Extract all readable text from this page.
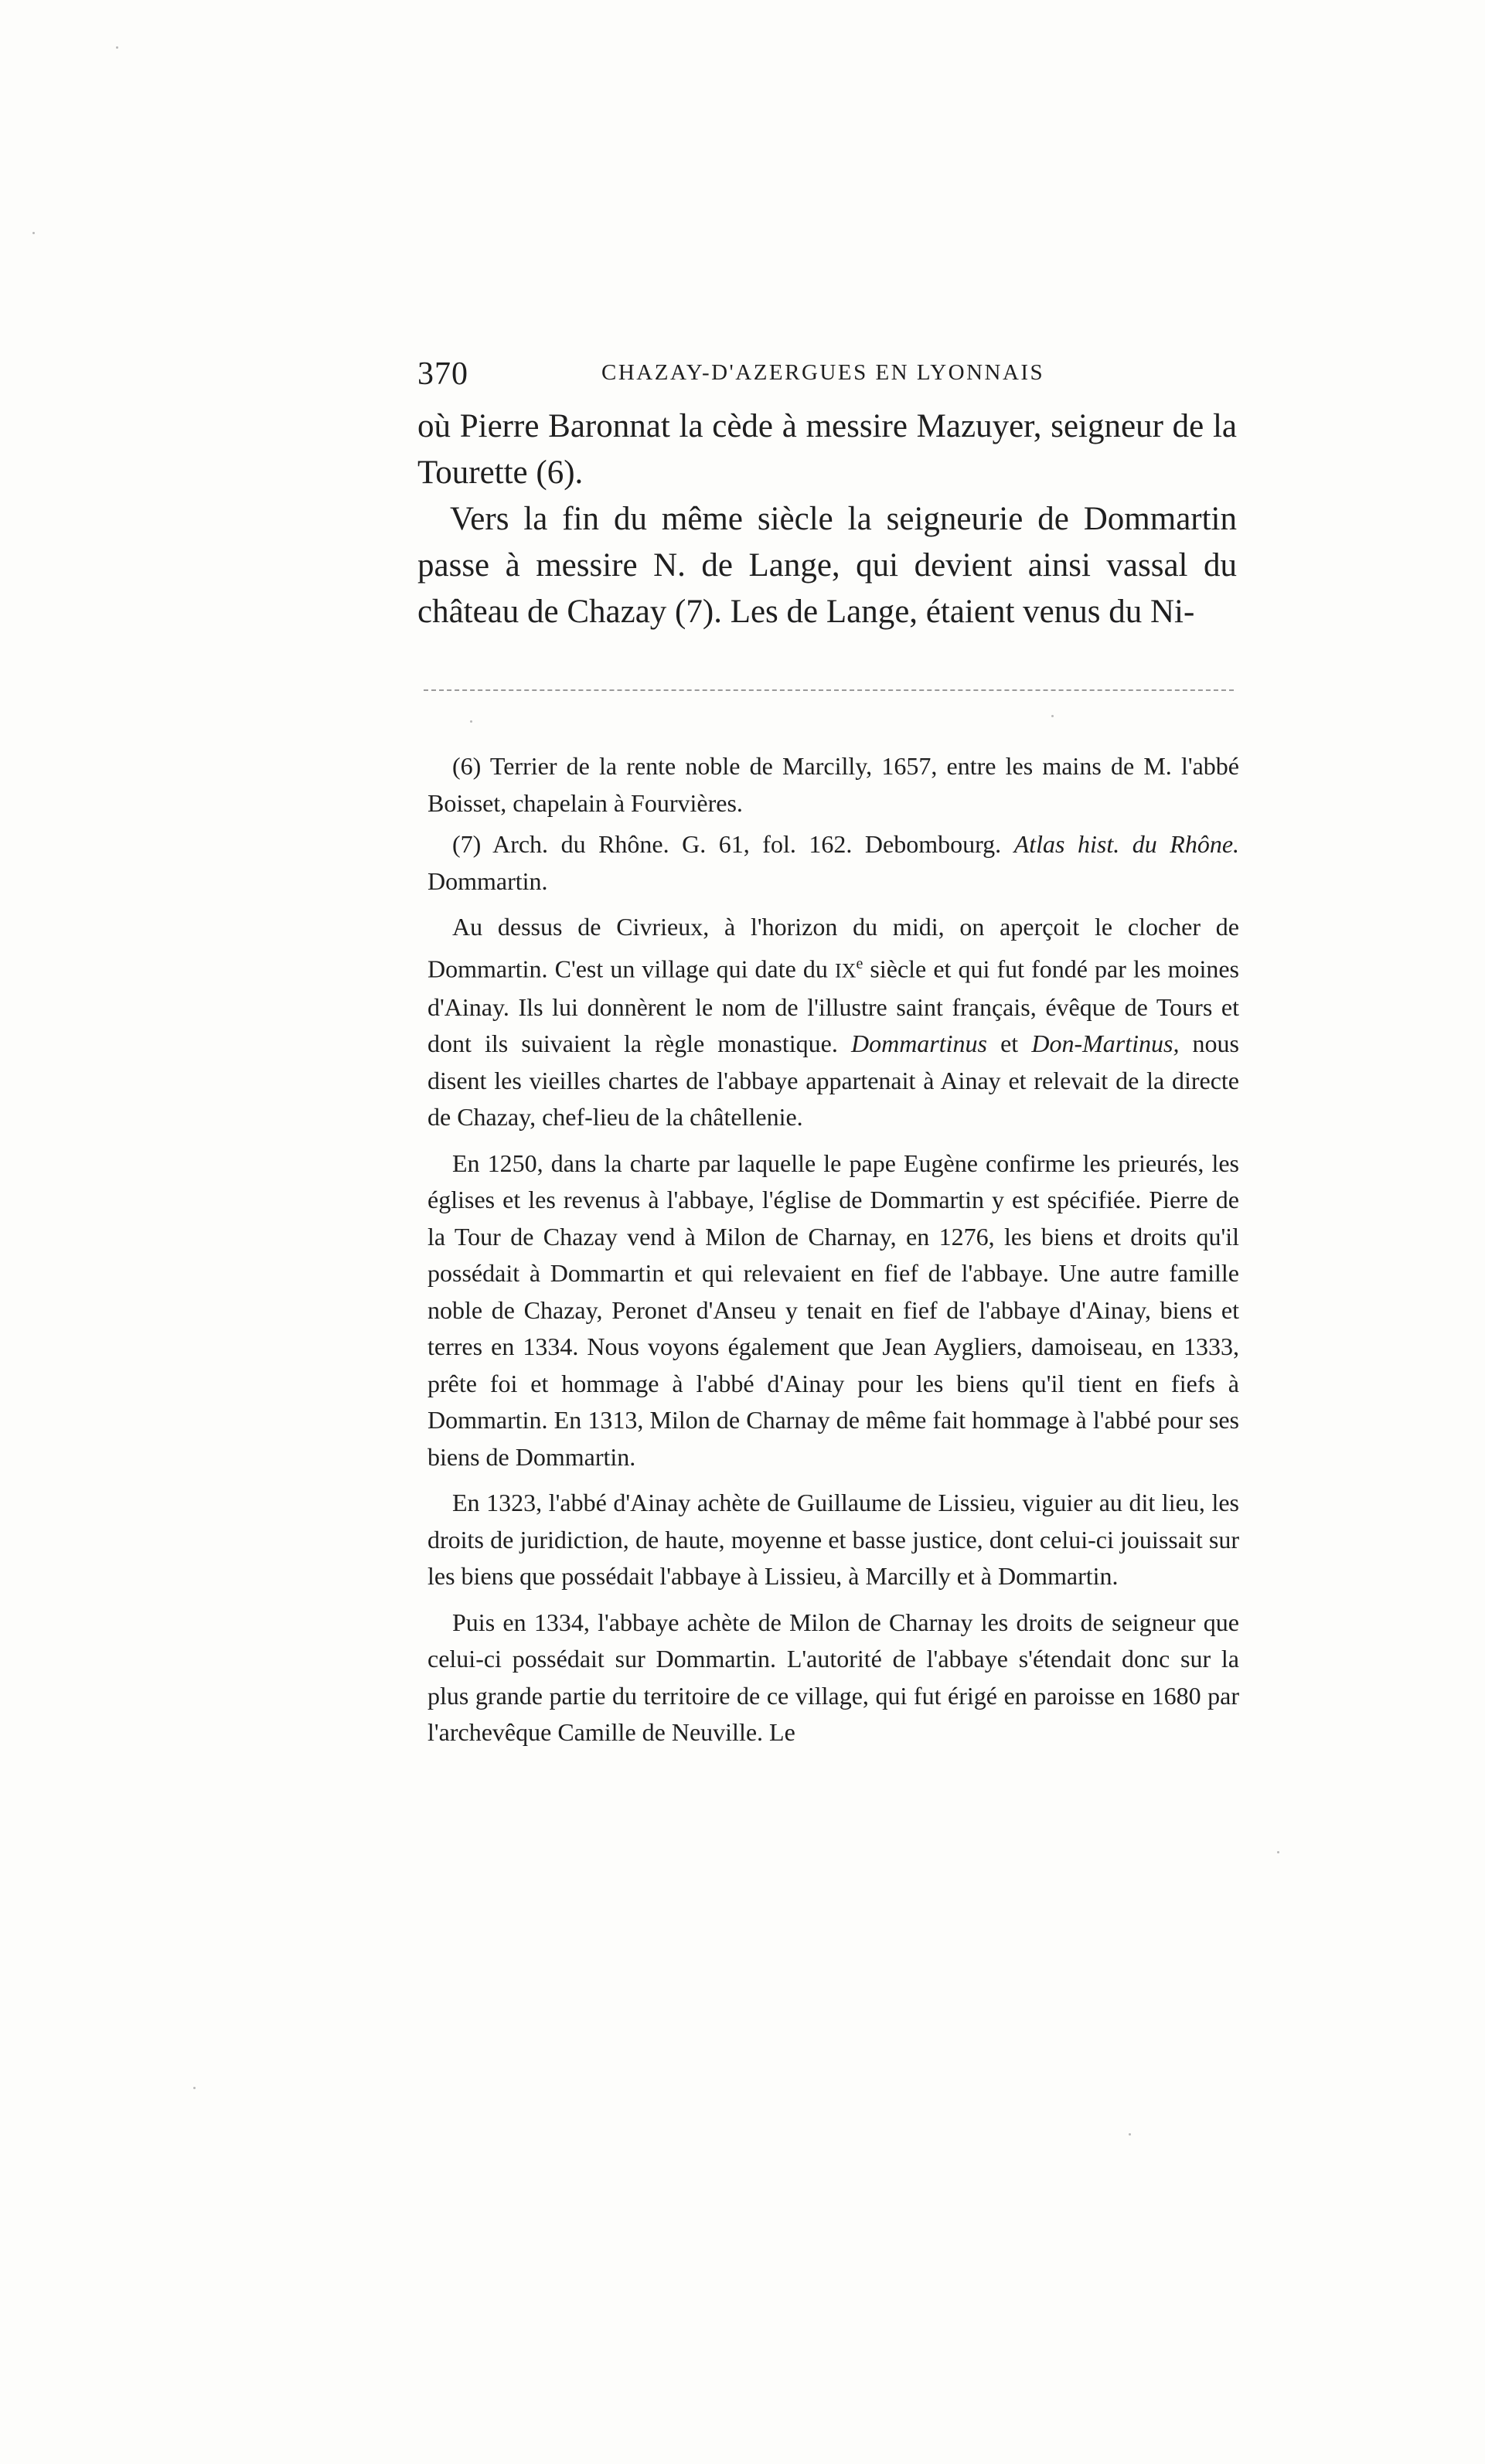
370	CHAZAY-D'AZERGUES EN LYONNAIS

où Pierre Baronnat la cède à messire Mazuyer, seigneur de la Tourette (6).

Vers la fin du même siècle la seigneurie de Dommartin passe à messire N. de Lange, qui devient ainsi vassal du château de Chazay (7). Les de Lange, étaient venus du Ni-

(6) Terrier de la rente noble de Marcilly, 1657, entre les mains de M. l'abbé Boisset, chapelain à Fourvières.

(7) Arch. du Rhône. G. 61, fol. 162. Debombourg. Atlas hist. du Rhône. Dommartin.

Au dessus de Civrieux, à l'horizon du midi, on aperçoit le clocher de Dommartin. C'est un village qui date du IXe siècle et qui fut fondé par les moines d'Ainay. Ils lui donnèrent le nom de l'illustre saint français, évêque de Tours et dont ils suivaient la règle monastique. Dommartinus et Don-Martinus, nous disent les vieilles chartes de l'abbaye appartenait à Ainay et relevait de la directe de Chazay, chef-lieu de la châtellenie.

En 1250, dans la charte par laquelle le pape Eugène confirme les prieurés, les églises et les revenus à l'abbaye, l'église de Dommartin y est spécifiée. Pierre de la Tour de Chazay vend à Milon de Charnay, en 1276, les biens et droits qu'il possédait à Dommartin et qui relevaient en fief de l'abbaye. Une autre famille noble de Chazay, Peronet d'Anseu y tenait en fief de l'abbaye d'Ainay, biens et terres en 1334. Nous voyons également que Jean Aygliers, damoiseau, en 1333, prête foi et hommage à l'abbé d'Ainay pour les biens qu'il tient en fiefs à Dommartin. En 1313, Milon de Charnay de même fait hommage à l'abbé pour ses biens de Dommartin.

En 1323, l'abbé d'Ainay achète de Guillaume de Lissieu, viguier au dit lieu, les droits de juridiction, de haute, moyenne et basse justice, dont celui-ci jouissait sur les biens que possédait l'abbaye à Lissieu, à Marcilly et à Dommartin.

Puis en 1334, l'abbaye achète de Milon de Charnay les droits de seigneur que celui-ci possédait sur Dommartin. L'autorité de l'abbaye s'étendait donc sur la plus grande partie du territoire de ce village, qui fut érigé en paroisse en 1680 par l'archevêque Camille de Neuville. Le
